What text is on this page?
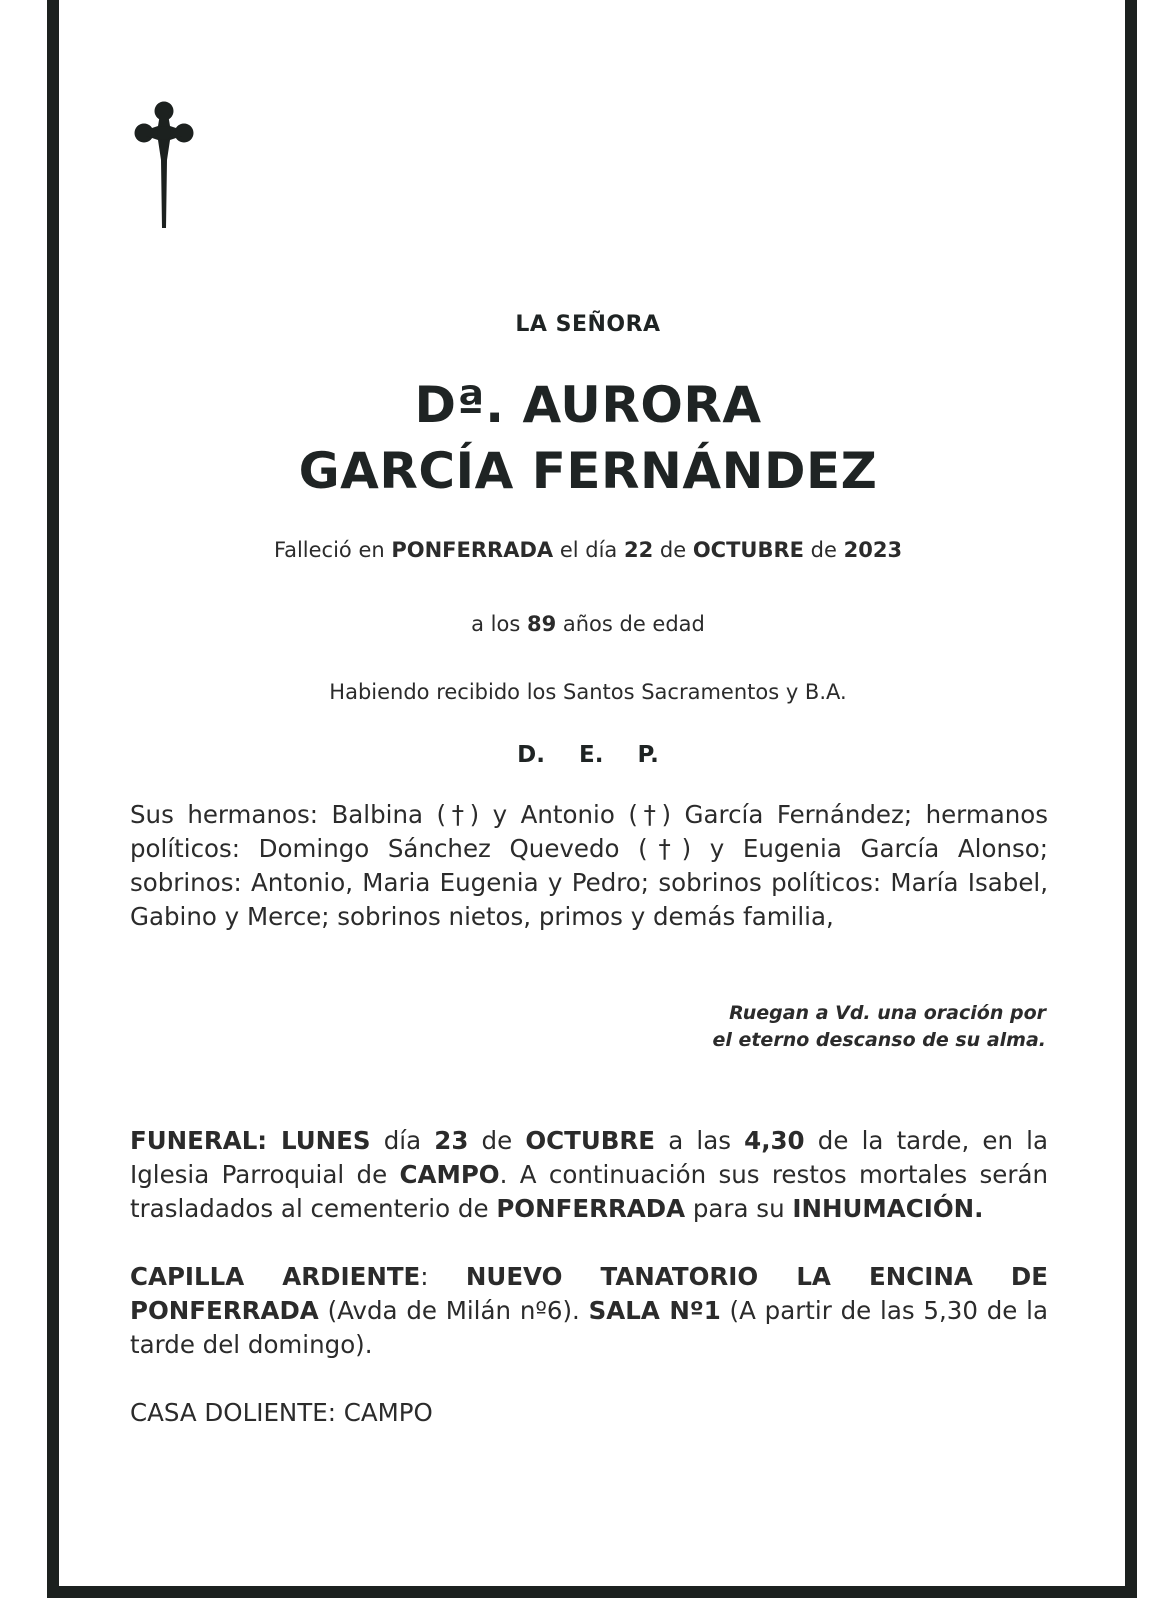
LA SEÑORA
Dª. AURORA
GARCÍA FERNÁNDEZ
Falleció en PONFERRADA el día 22 de OCTUBRE de 2023
a los 89 años de edad
Habiendo recibido los Santos Sacramentos y B.A.
D. E. P.
Sus hermanos: Balbina (†) y Antonio (†) García Fernández; hermanos políticos: Domingo Sánchez Quevedo (†) y Eugenia García Alonso; sobrinos: Antonio, Maria Eugenia y Pedro; sobrinos políticos: María Isabel, Gabino y Merce; sobrinos nietos, primos y demás familia,
Ruegan a Vd. una oración por
el eterno descanso de su alma.
FUNERAL: LUNES día 23 de OCTUBRE a las 4,30 de la tarde, en la Iglesia Parroquial de CAMPO. A continuación sus restos mortales serán trasladados al cementerio de PONFERRADA para su INHUMACIÓN.
CAPILLA ARDIENTE: NUEVO TANATORIO LA ENCINA DE PONFERRADA (Avda de Milán nº6). SALA Nº1 (A partir de las 5,30 de la tarde del domingo).
CASA DOLIENTE: CAMPO
